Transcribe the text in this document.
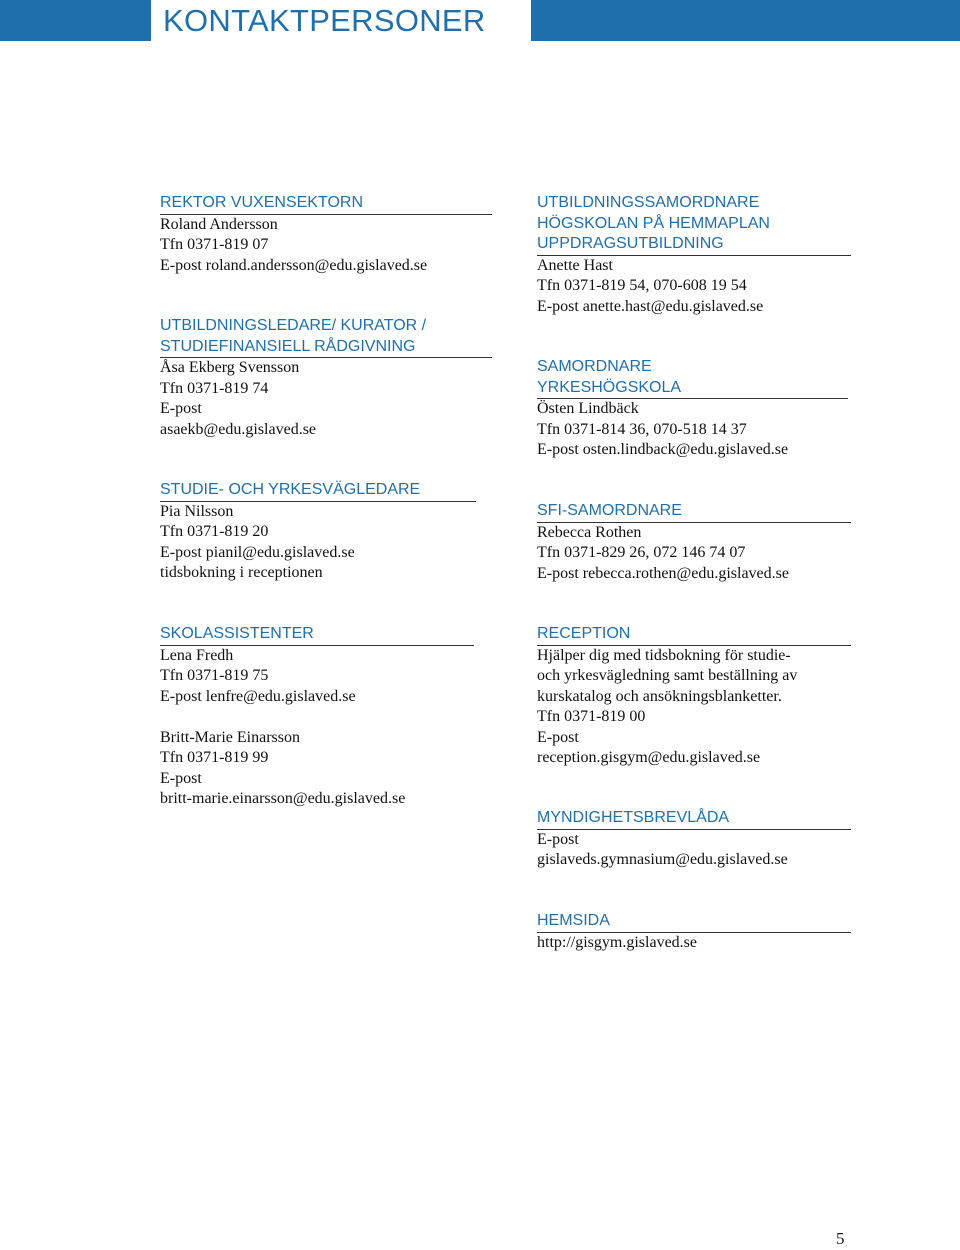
KONTAKTPERSONER
REKTOR VUXENSEKTORN

Roland Andersson

Tfn 0371-819 07

E-post roland.andersson@edu.gislaved.se

UTBILDNINGSLEDARE/ KURATOR /
STUDIEFINANSIELL RÅDGIVNING

Åsa Ekberg Svensson

Tfn 0371-819 74

E-post

asaekb@edu.gislaved.se

STUDIE- OCH YRKESVÄGLEDARE

Pia Nilsson

Tfn 0371-819 20

E-post pianil@edu.gislaved.se

tidsbokning i receptionen

SKOLASSISTENTER

Lena Fredh

Tfn 0371-819 75

E-post lenfre@edu.gislaved.se

Britt-Marie Einarsson

Tfn 0371-819 99

E-post

britt-marie.einarsson@edu.gislaved.se

UTBILDNINGSSAMORDNARE
HÖGSKOLAN PÅ HEMMAPLAN
UPPDRAGSUTBILDNING

Anette Hast

Tfn 0371-819 54, 070-608 19 54

E-post anette.hast@edu.gislaved.se

SAMORDNARE
YRKESHÖGSKOLA

Östen Lindbäck

Tfn 0371-814 36, 070-518 14 37

E-post osten.lindback@edu.gislaved.se

SFI-SAMORDNARE

Rebecca Rothen

Tfn 0371-829 26, 072 146 74 07

E-post rebecca.rothen@edu.gislaved.se

RECEPTION

Hjälper dig med tidsbokning för studie-

och yrkesvägledning samt beställning av

kurskatalog och ansökningsblanketter.

Tfn 0371-819 00

E-post

reception.gisgym@edu.gislaved.se

MYNDIGHETSBREVLÅDA

E-post

gislaveds.gymnasium@edu.gislaved.se

HEMSIDA

http://gisgym.gislaved.se

5
